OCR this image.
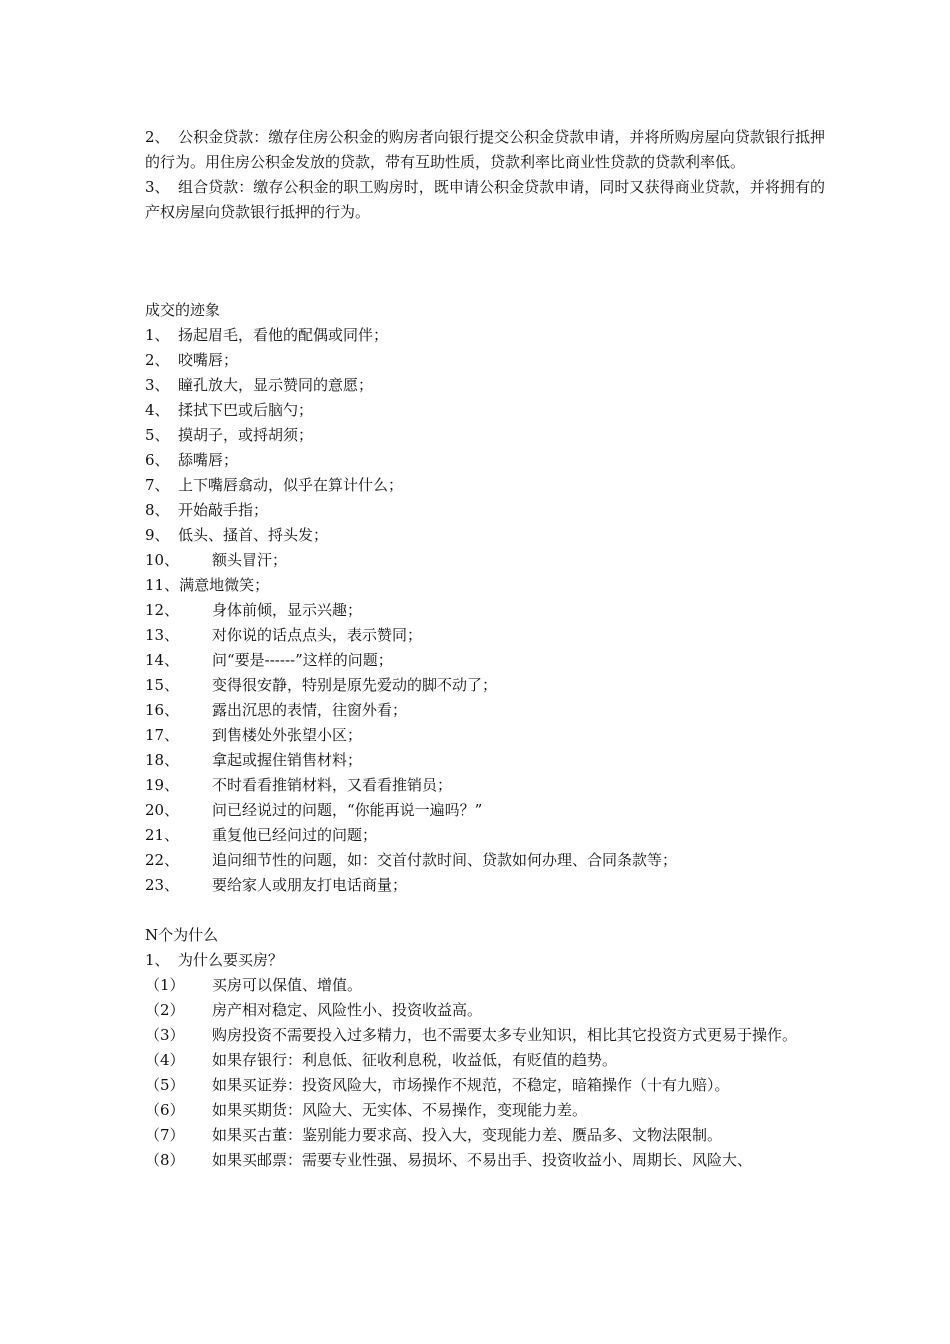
2、 公积金贷款：缴存住房公积金的购房者向银行提交公积金贷款申请，并将所购房屋向贷款银行抵押的行为。用住房公积金发放的贷款，带有互助性质，贷款利率比商业性贷款的贷款利率低。

3、 组合贷款：缴存公积金的职工购房时，既申请公积金贷款申请，同时又获得商业贷款，并将拥有的产权房屋向贷款银行抵押的行为。

成交的迹象

1、 扬起眉毛，看他的配偶或同伴；
2、 咬嘴唇；
3、 瞳孔放大，显示赞同的意愿；
4、 揉拭下巴或后脑勺；
5、 摸胡子，或捋胡须；
6、 舔嘴唇；
7、 上下嘴唇翕动，似乎在算计什么；
8、 开始敲手指；
9、 低头、搔首、捋头发；
10、	额头冒汗；
11、 满意地微笑；
12、	身体前倾，显示兴趣；
13、	对你说的话点点头，表示赞同；
14、	问“要是------”这样的问题；
15、	变得很安静，特别是原先爱动的脚不动了；
16、	露出沉思的表情，往窗外看；
17、	到售楼处外张望小区；
18、	拿起或握住销售材料；
19、	不时看看推销材料，又看看推销员；
20、	问已经说过的问题，“你能再说一遍吗？”
21、	重复他已经问过的问题；
22、	追问细节性的问题，如：交首付款时间、贷款如何办理、合同条款等；
23、	要给家人或朋友打电话商量；

N个为什么

1、 为什么要买房？
（1）	买房可以保值、增值。
（2）	房产相对稳定、风险性小、投资收益高。

（3） 购房投资不需要投入过多精力，也不需要太多专业知识，相比其它投资方式更易于操作。

（4）	如果存银行：利息低、征收利息税，收益低，有贬值的趋势。
（5）	如果买证券：投资风险大，市场操作不规范，不稳定，暗箱操作（十有九赔）。
（6）	如果买期货：风险大、无实体、不易操作，变现能力差。
（7）	如果买古董：鉴别能力要求高、投入大，变现能力差、赝品多、文物法限制。
（8）	如果买邮票：需要专业性强、易损坏、不易出手、投资收益小、周期长、风险大、
